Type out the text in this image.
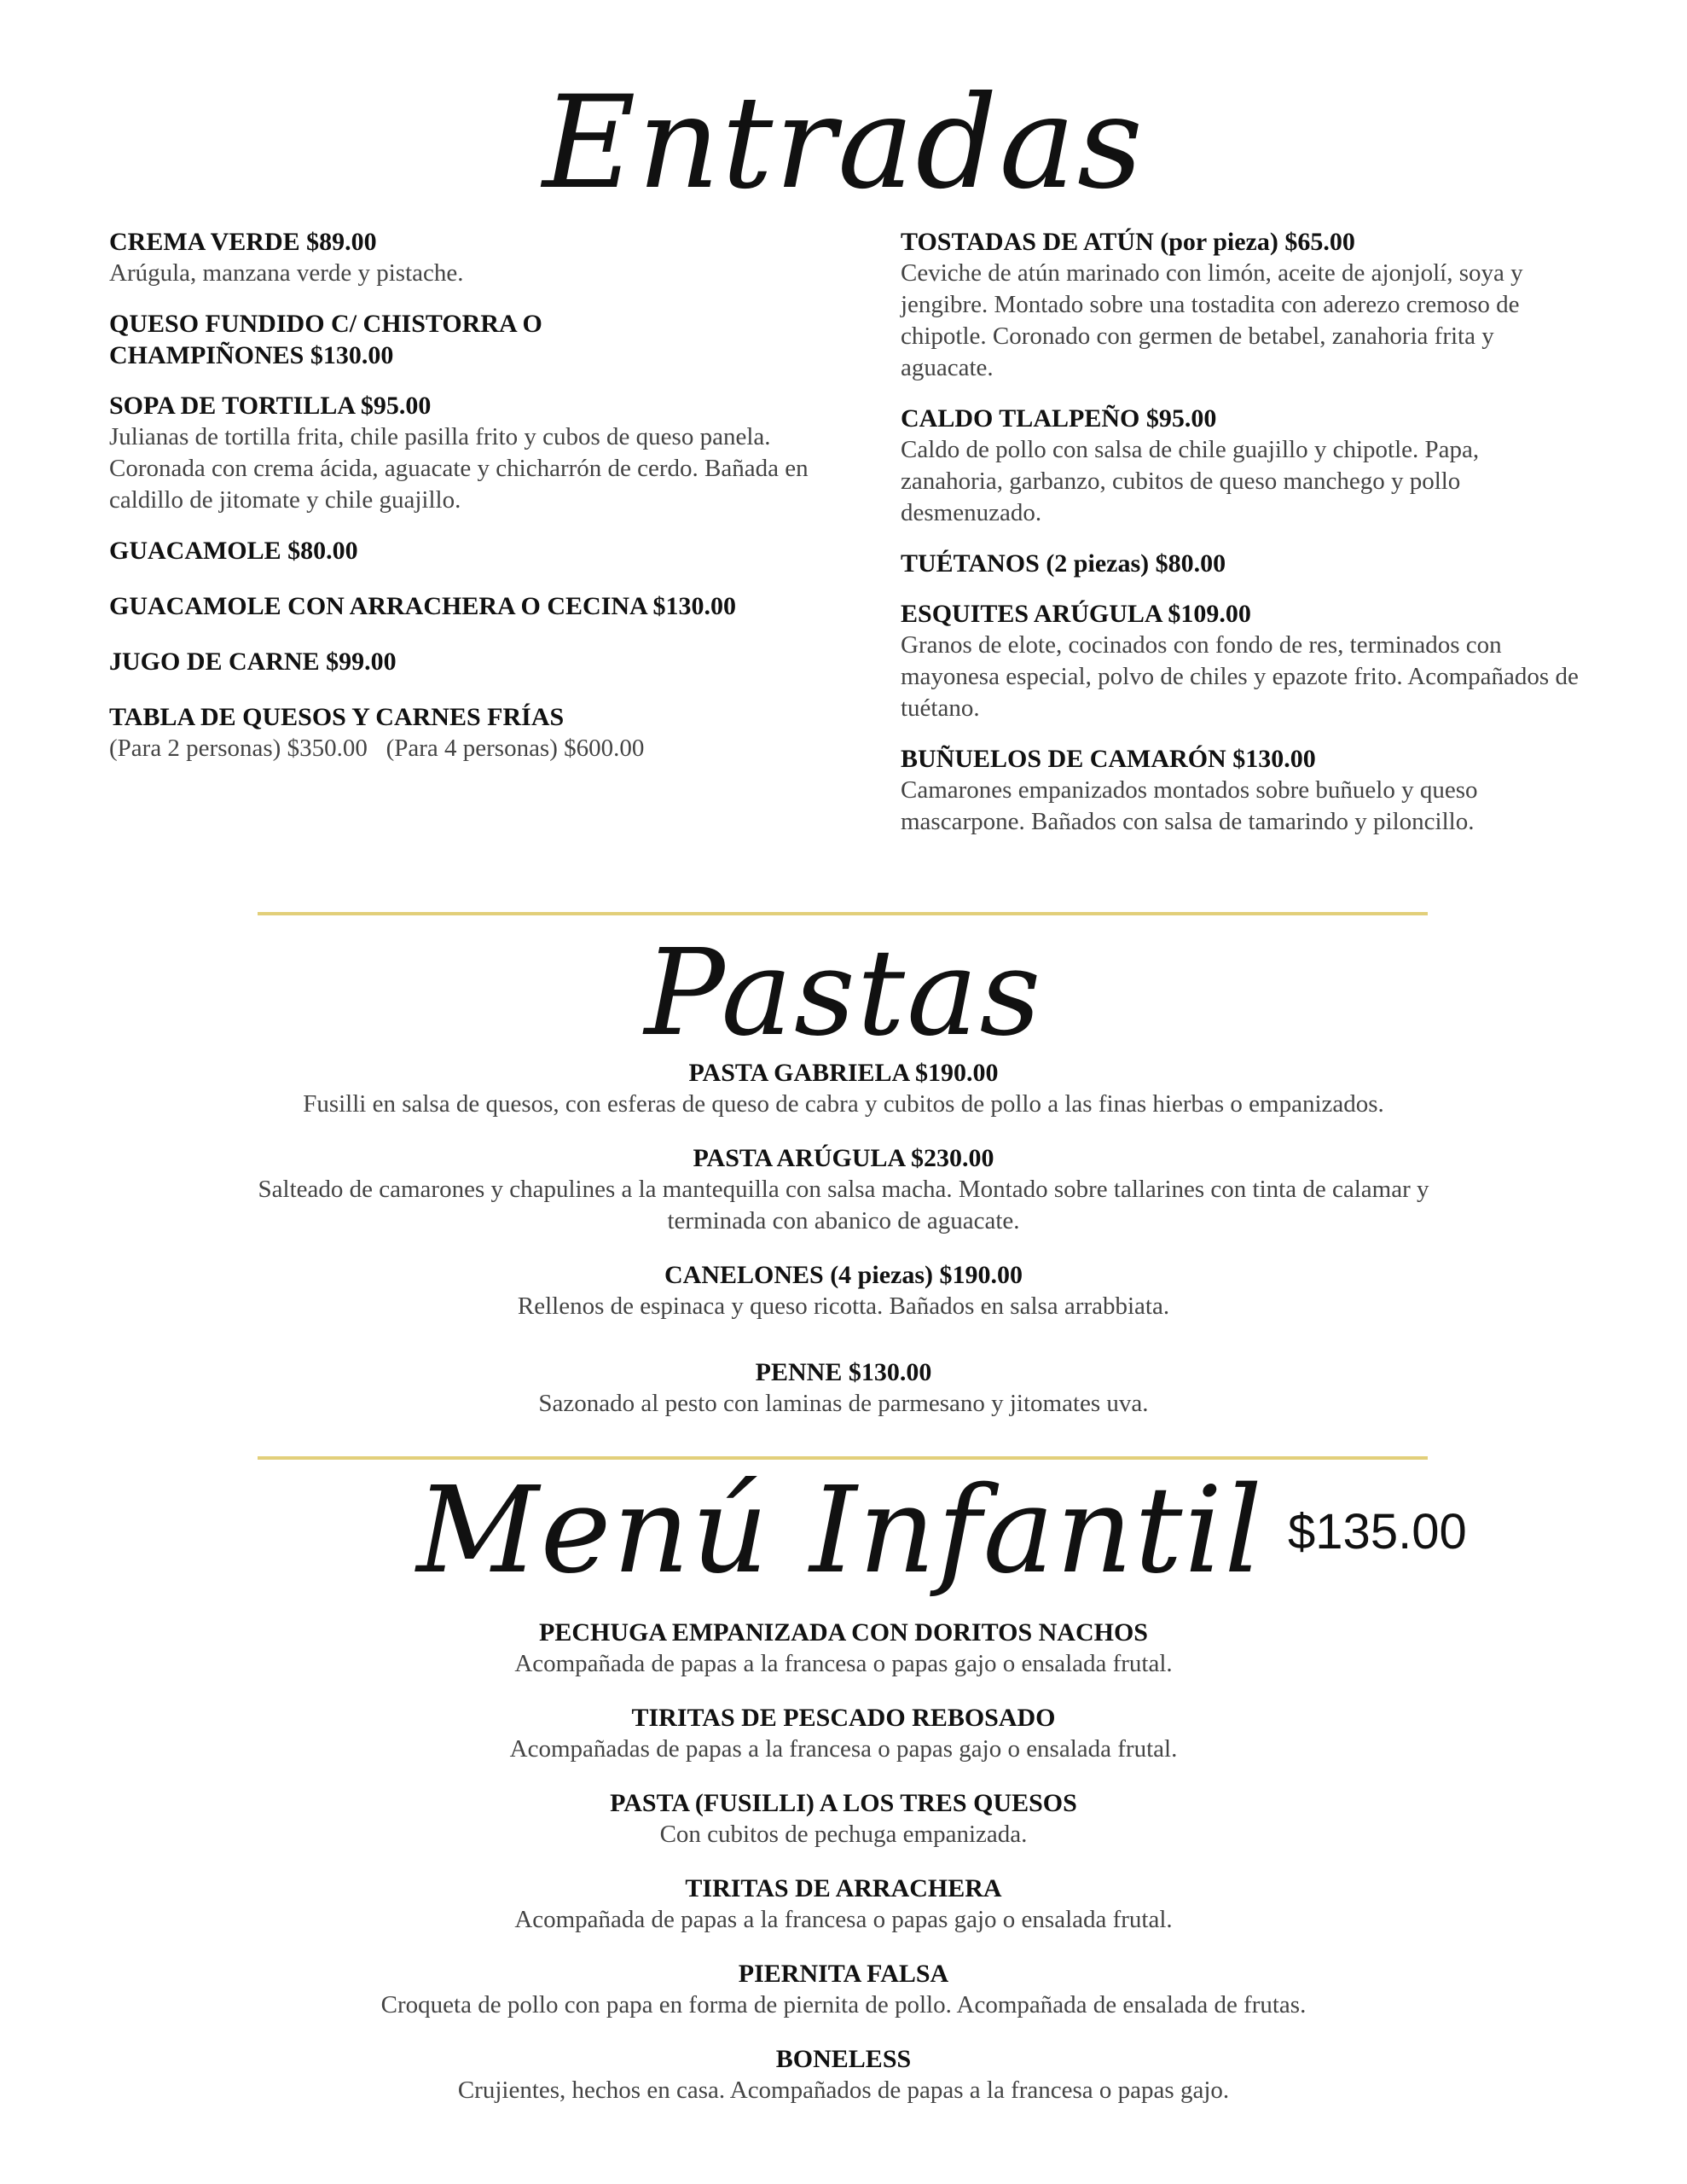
Entradas
CREMA VERDE $89.00
Arúgula, manzana verde y pistache.
QUESO FUNDIDO C/ CHISTORRA O CHAMPIÑONES $130.00
SOPA DE TORTILLA $95.00
Julianas de tortilla frita, chile pasilla frito y cubos de queso panela. Coronada con crema ácida, aguacate y chicharrón de cerdo. Bañada en caldillo de jitomate y chile guajillo.
GUACAMOLE $80.00
GUACAMOLE CON ARRACHERA O CECINA $130.00
JUGO DE CARNE $99.00
TABLA DE QUESOS Y CARNES FRÍAS
(Para 2 personas) $350.00   (Para 4 personas) $600.00
TOSTADAS DE ATÚN (por pieza) $65.00
Ceviche de atún marinado con limón, aceite de ajonjolí, soya y jengibre. Montado sobre una tostadita con aderezo cremoso de chipotle. Coronado con germen de betabel, zanahoria frita y aguacate.
CALDO TLALPEÑO $95.00
Caldo de pollo con salsa de chile guajillo y chipotle. Papa, zanahoria, garbanzo, cubitos de queso manchego y pollo desmenuzado.
TUÉTANOS (2 piezas) $80.00
ESQUITES ARÚGULA $109.00
Granos de elote, cocinados con fondo de res, terminados con mayonesa especial, polvo de chiles y epazote frito. Acompañados de tuétano.
BUÑUELOS DE CAMARÓN $130.00
Camarones empanizados montados sobre buñuelo y queso mascarpone. Bañados con salsa de tamarindo y piloncillo.
Pastas
PASTA GABRIELA $190.00
Fusilli en salsa de quesos, con esferas de queso de cabra y cubitos de pollo a las finas hierbas o empanizados.
PASTA ARÚGULA $230.00
Salteado de camarones y chapulines a la mantequilla con salsa macha. Montado sobre tallarines con tinta de calamar y terminada con abanico de aguacate.
CANELONES (4 piezas) $190.00
Rellenos de espinaca y queso ricotta. Bañados en salsa arrabbiata.
PENNE $130.00
Sazonado al pesto con laminas de parmesano y jitomates uva.
Menú Infantil $135.00
PECHUGA EMPANIZADA CON DORITOS NACHOS
Acompañada de papas a la francesa o papas gajo o ensalada frutal.
TIRITAS DE PESCADO REBOSADO
Acompañadas de papas a la francesa o papas gajo o ensalada frutal.
PASTA (FUSILLI) A LOS TRES QUESOS
Con cubitos de pechuga empanizada.
TIRITAS DE ARRACHERA
Acompañada de papas a la francesa o papas gajo o ensalada frutal.
PIERNITA FALSA
Croqueta de pollo con papa en forma de piernita de pollo. Acompañada de ensalada de frutas.
BONELESS
Crujientes, hechos en casa. Acompañados de papas a la francesa o papas gajo.
